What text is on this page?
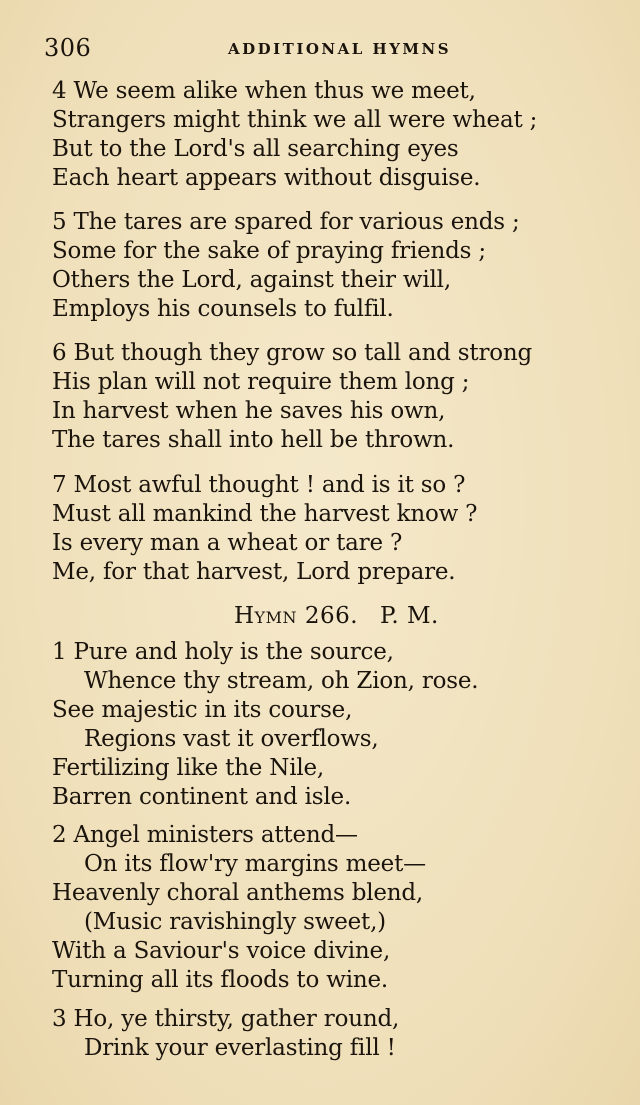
306	ADDITIONAL HYMNS
4 We seem alike when thus we meet,
Strangers might think we all were wheat ;
But to the Lord's all searching eyes
Each heart appears without disguise.
5 The tares are spared for various ends ;
Some for the sake of praying friends ;
Others the Lord, against their will,
Employs his counsels to fulfil.
6 But though they grow so tall and strong
His plan will not require them long ;
In harvest when he saves his own,
The tares shall into hell be thrown.
7 Most awful thought ! and is it so ?
Must all mankind the harvest know ?
Is every man a wheat or tare ?
Me, for that harvest, Lord prepare.
Hymn 266. P. M.
1 Pure and holy is the source,
Whence thy stream, oh Zion, rose.
See majestic in its course,
Regions vast it overflows,
Fertilizing like the Nile,
Barren continent and isle.
2 Angel ministers attend—
On its flow'ry margins meet—
Heavenly choral anthems blend,
(Music ravishingly sweet,)
With a Saviour's voice divine,
Turning all its floods to wine.
3 Ho, ye thirsty, gather round,
Drink your everlasting fill !
